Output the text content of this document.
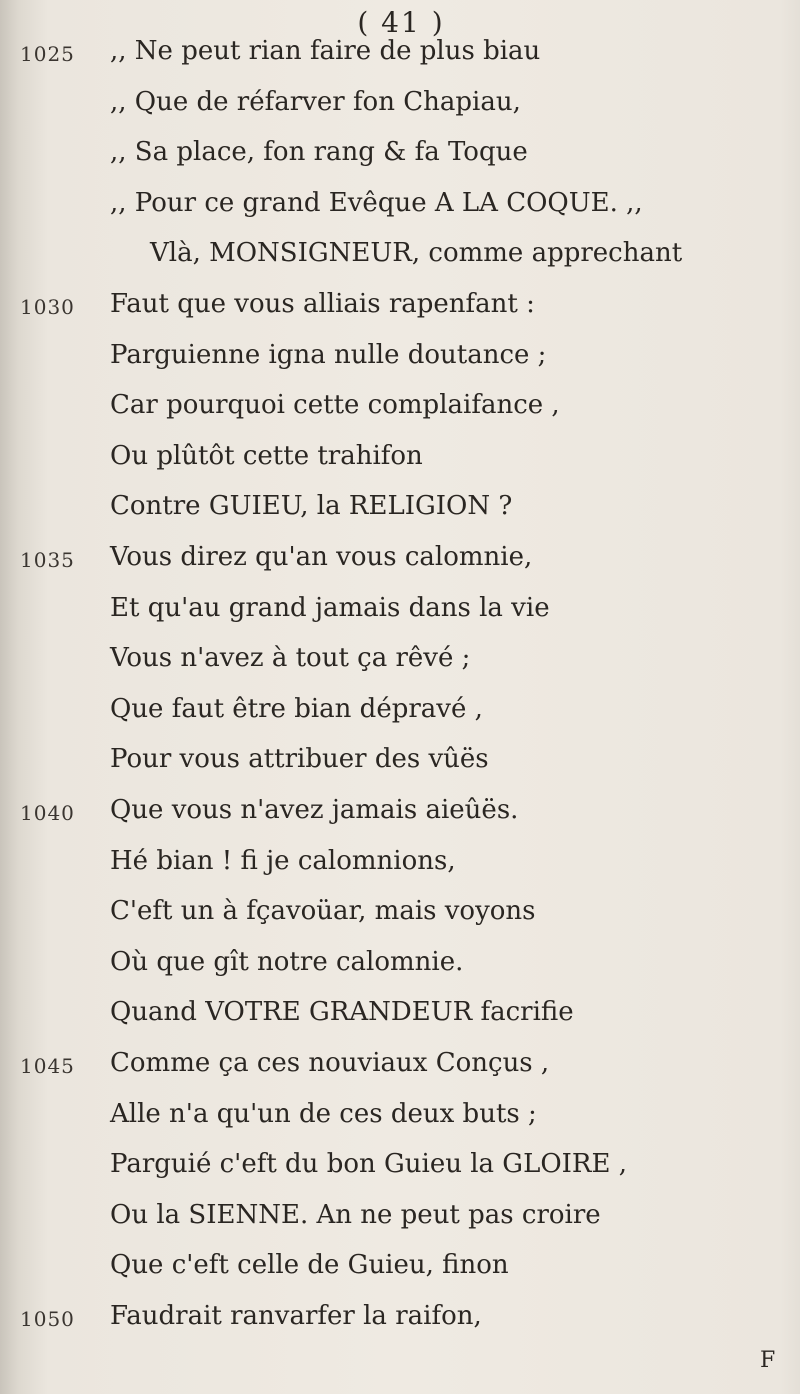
( 41 )
F
,, Ne peut rian faire de plus biau
,, Que de réfarver fon Chapiau,
,, Sa place, fon rang & fa Toque
,, Pour ce grand Evêque A LA COQUE. ,,
Vlà, MONSIGNEUR, comme apprechant
Faut que vous alliais rapenfant :
Parguienne igna nulle doutance ;
Car pourquoi cette complaifance ,
Ou plûtôt cette trahifon
Contre GUIEU, la RELIGION ?
Vous direz qu'an vous calomnie,
Et qu'au grand jamais dans la vie
Vous n'avez à tout ça rêvé ;
Que faut être bian dépravé ,
Pour vous attribuer des vûës
Que vous n'avez jamais aieûës.
Hé bian ! fi je calomnions,
C'eft un à fçavoüar, mais voyons
Où que gît notre calomnie.
Quand VOTRE GRANDEUR facrifie
Comme ça ces nouviaux Conçus ,
Alle n'a qu'un de ces deux buts ;
Parguié c'eft du bon Guieu la GLOIRE ,
Ou la SIENNE. An ne peut pas croire
Que c'eft celle de Guieu, finon
Faudrait ranvarfer la raifon,
1025
1030
1035
1040
1045
1050
